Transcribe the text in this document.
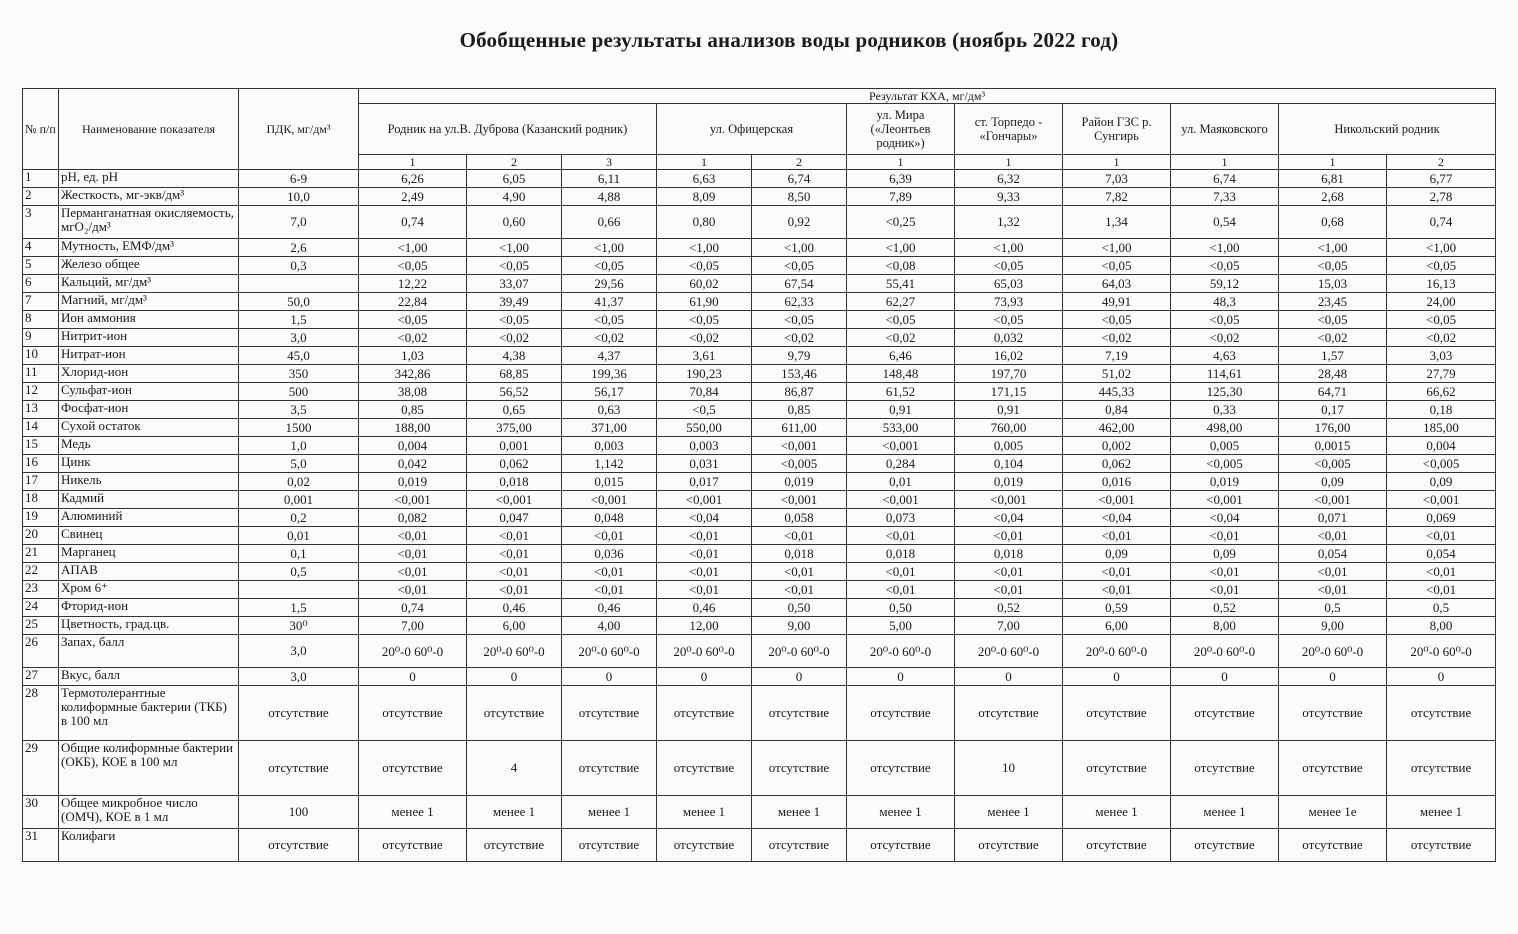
Обобщенные результаты анализов воды родников (ноябрь 2022 год)
№ п/п	Наименование показателя	ПДК, мг/дм³	Результат КХА, мг/дм³										
			Родник на ул.В. Дуброва (Казанский родник)			ул. Офицерская		ул. Мира («Леонтьев родник»)	ст. Торпедо - «Гончары»	Район ГЗС р. Сунгирь	ул. Маяковского	Никольский родник	
			1	2	3	1	2	1	1	1	1	1	2
1	рН, ед. рН	6-9	6,26	6,05	6,11	6,63	6,74	6,39	6,32	7,03	6,74	6,81	6,77
2	Жесткость, мг-экв/дм³	10,0	2,49	4,90	4,88	8,09	8,50	7,89	9,33	7,82	7,33	2,68	2,78
3	Перманганатная окисляемость, мгО₂/дм³	7,0	0,74	0,60	0,66	0,80	0,92	<0,25	1,32	1,34	0,54	0,68	0,74
4	Мутность, ЕМФ/дм³	2,6	<1,00	<1,00	<1,00	<1,00	<1,00	<1,00	<1,00	<1,00	<1,00	<1,00	<1,00
5	Железо общее	0,3	<0,05	<0,05	<0,05	<0,05	<0,05	<0,08	<0,05	<0,05	<0,05	<0,05	<0,05
6	Кальций, мг/дм³		12,22	33,07	29,56	60,02	67,54	55,41	65,03	64,03	59,12	15,03	16,13
7	Магний, мг/дм³	50,0	22,84	39,49	41,37	61,90	62,33	62,27	73,93	49,91	48,3	23,45	24,00
8	Ион аммония	1,5	<0,05	<0,05	<0,05	<0,05	<0,05	<0,05	<0,05	<0,05	<0,05	<0,05	<0,05
9	Нитрит-ион	3,0	<0,02	<0,02	<0,02	<0,02	<0,02	<0,02	0,032	<0,02	<0,02	<0,02	<0,02
10	Нитрат-ион	45,0	1,03	4,38	4,37	3,61	9,79	6,46	16,02	7,19	4,63	1,57	3,03
11	Хлорид-ион	350	342,86	68,85	199,36	190,23	153,46	148,48	197,70	51,02	114,61	28,48	27,79
12	Сульфат-ион	500	38,08	56,52	56,17	70,84	86,87	61,52	171,15	445,33	125,30	64,71	66,62
13	Фосфат-ион	3,5	0,85	0,65	0,63	<0,5	0,85	0,91	0,91	0,84	0,33	0,17	0,18
14	Сухой остаток	1500	188,00	375,00	371,00	550,00	611,00	533,00	760,00	462,00	498,00	176,00	185,00
15	Медь	1,0	0,004	0,001	0,003	0,003	<0,001	<0,001	0,005	0,002	0,005	0,0015	0,004
16	Цинк	5,0	0,042	0,062	1,142	0,031	<0,005	0,284	0,104	0,062	<0,005	<0,005	<0,005
17	Никель	0,02	0,019	0,018	0,015	0,017	0,019	0,01	0,019	0,016	0,019	0,09	0,09
18	Кадмий	0,001	<0,001	<0,001	<0,001	<0,001	<0,001	<0,001	<0,001	<0,001	<0,001	<0,001	<0,001
19	Алюминий	0,2	0,082	0,047	0,048	<0,04	0,058	0,073	<0,04	<0,04	<0,04	0,071	0,069
20	Свинец	0,01	<0,01	<0,01	<0,01	<0,01	<0,01	<0,01	<0,01	<0,01	<0,01	<0,01	<0,01
21	Марганец	0,1	<0,01	<0,01	0,036	<0,01	0,018	0,018	0,018	0,09	0,09	0,054	0,054
22	АПАВ	0,5	<0,01	<0,01	<0,01	<0,01	<0,01	<0,01	<0,01	<0,01	<0,01	<0,01	<0,01
23	Хром 6⁺		<0,01	<0,01	<0,01	<0,01	<0,01	<0,01	<0,01	<0,01	<0,01	<0,01	<0,01
24	Фторид-ион	1,5	0,74	0,46	0,46	0,46	0,50	0,50	0,52	0,59	0,52	0,5	0,5
25	Цветность, град.цв.	30⁰	7,00	6,00	4,00	12,00	9,00	5,00	7,00	6,00	8,00	9,00	8,00
26	Запах, балл	3,0	20⁰-0 60⁰-0	20⁰-0 60⁰-0	20⁰-0 60⁰-0	20⁰-0 60⁰-0	20⁰-0 60⁰-0	20⁰-0 60⁰-0	20⁰-0 60⁰-0	20⁰-0 60⁰-0	20⁰-0 60⁰-0	20⁰-0 60⁰-0	20⁰-0 60⁰-0
27	Вкус, балл	3,0	0	0	0	0	0	0	0	0	0	0	0
28	Термотолерантные колиформные бактерии (ТКБ) в 100 мл	отсутствие	отсутствие	отсутствие	отсутствие	отсутствие	отсутствие	отсутствие	отсутствие	отсутствие	отсутствие	отсутствие	отсутствие
29	Общие колиформные бактерии (ОКБ), КОЕ в 100 мл	отсутствие	отсутствие	4	отсутствие	отсутствие	отсутствие	отсутствие	10	отсутствие	отсутствие	отсутствие	отсутствие
30	Общее микробное число (ОМЧ), КОЕ в 1 мл	100	менее 1	менее 1	менее 1	менее 1	менее 1	менее 1	менее 1	менее 1	менее 1	менее 1е	менее 1
31	Колифаги	отсутствие	отсутствие	отсутствие	отсутствие	отсутствие	отсутствие	отсутствие	отсутствие	отсутствие	отсутствие	отсутствие	отсутствие
